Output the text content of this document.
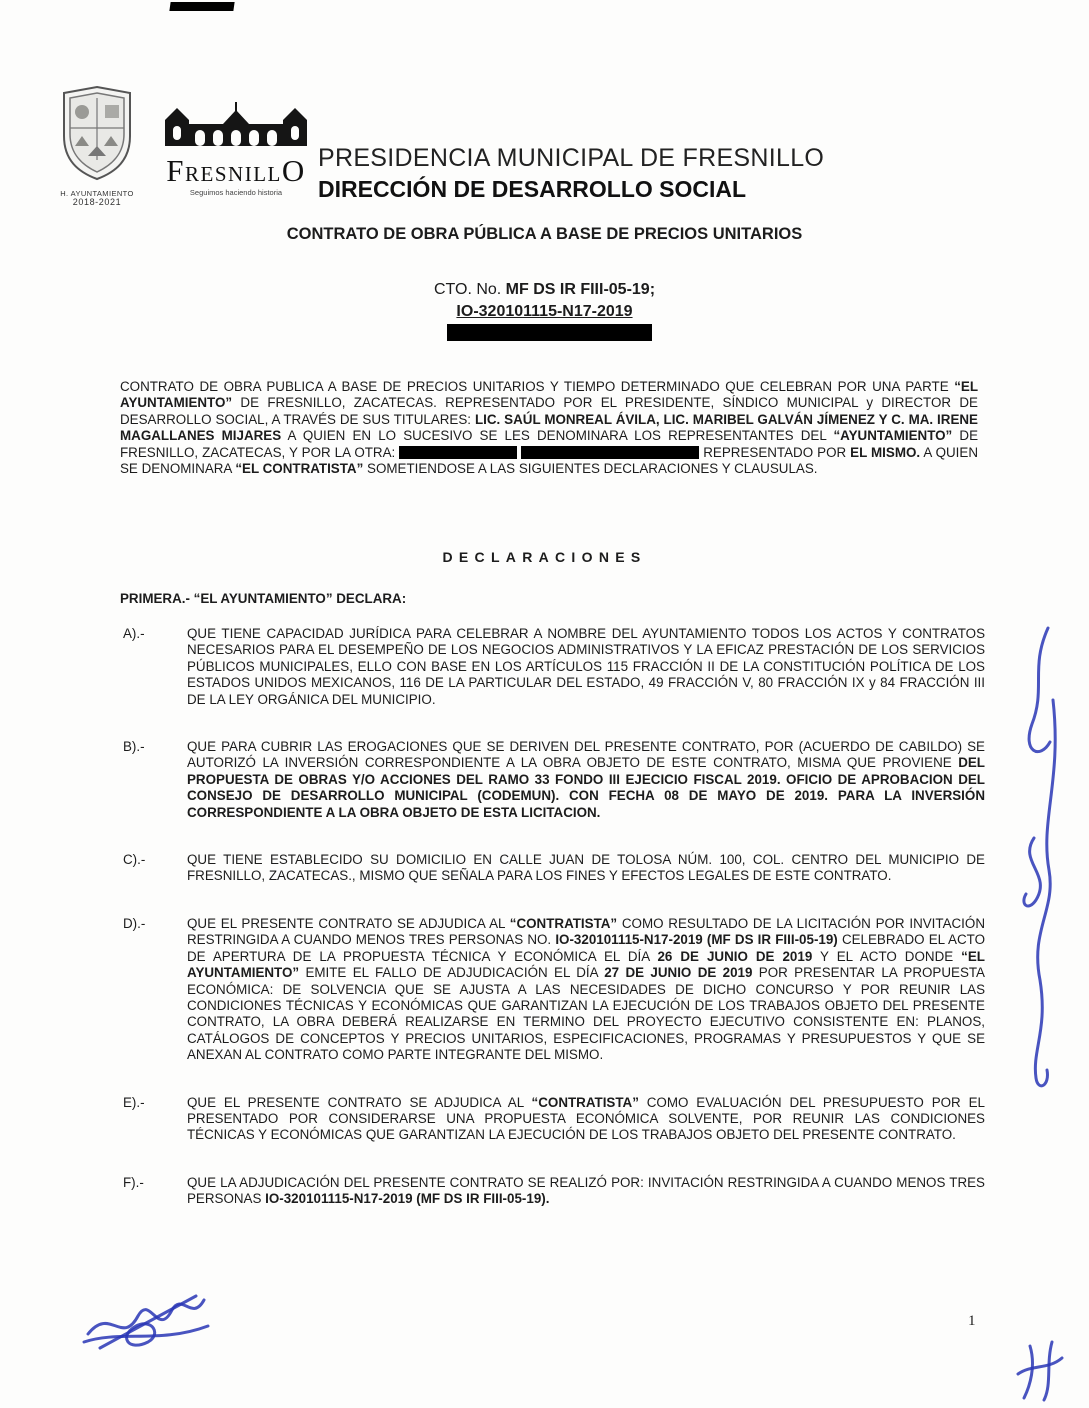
H. AYUNTAMIENTO
2018-2021
FRESNILLO
Seguimos haciendo historia
PRESIDENCIA MUNICIPAL DE FRESNILLO
DIRECCIÓN DE DESARROLLO SOCIAL
CONTRATO DE OBRA PÚBLICA A BASE DE PRECIOS UNITARIOS
CTO. No. MF DS IR FIII-05-19;
IO-320101115-N17-2019

CONTRATO DE OBRA PUBLICA A BASE DE PRECIOS UNITARIOS Y TIEMPO DETERMINADO QUE CELEBRAN POR UNA PARTE “EL AYUNTAMIENTO” DE FRESNILLO, ZACATECAS. REPRESENTADO POR EL PRESIDENTE, SÍNDICO MUNICIPAL y DIRECTOR DE DESARROLLO SOCIAL, A TRAVÉS DE SUS TITULARES: LIC. SAÚL MONREAL ÁVILA, LIC. MARIBEL GALVÁN JÍMENEZ Y C. MA. IRENE MAGALLANES MIJARES A QUIEN EN LO SUCESIVO SE LES DENOMINARA LOS REPRESENTANTES DEL “AYUNTAMIENTO” DE FRESNILLO, ZACATECAS, Y POR LA OTRA:	REPRESENTADO POR EL MISMO. A QUIEN SE DENOMINARA “EL CONTRATISTA” SOMETIENDOSE A LAS SIGUIENTES DECLARACIONES Y CLAUSULAS.

DECLARACIONES
PRIMERA.- “EL AYUNTAMIENTO” DECLARA:
A).-	QUE TIENE CAPACIDAD JURÍDICA PARA CELEBRAR A NOMBRE DEL AYUNTAMIENTO TODOS LOS ACTOS Y CONTRATOS NECESARIOS PARA EL DESEMPEÑO DE LOS NEGOCIOS ADMINISTRATIVOS Y LA EFICAZ PRESTACIÓN DE LOS SERVICIOS PÚBLICOS MUNICIPALES, ELLO CON BASE EN LOS ARTÍCULOS 115 FRACCIÓN II DE LA CONSTITUCIÓN POLÍTICA DE LOS ESTADOS UNIDOS MEXICANOS, 116 DE LA PARTICULAR DEL ESTADO, 49 FRACCIÓN V, 80 FRACCIÓN IX y 84 FRACCIÓN III DE LA LEY ORGÁNICA DEL MUNICIPIO.

B).-	QUE PARA CUBRIR LAS EROGACIONES QUE SE DERIVEN DEL PRESENTE CONTRATO, POR (ACUERDO DE CABILDO) SE AUTORIZÓ LA INVERSIÓN CORRESPONDIENTE A LA OBRA OBJETO DE ESTE CONTRATO, MISMA QUE PROVIENE DEL PROPUESTA DE OBRAS Y/O ACCIONES DEL RAMO 33 FONDO III EJECICIO FISCAL 2019. OFICIO DE APROBACION DEL CONSEJO DE DESARROLLO MUNICIPAL (CODEMUN). CON FECHA 08 DE MAYO DE 2019. PARA LA INVERSIÓN CORRESPONDIENTE A LA OBRA OBJETO DE ESTA LICITACION.

C).-	QUE TIENE ESTABLECIDO SU DOMICILIO EN CALLE JUAN DE TOLOSA NÚM. 100, COL. CENTRO DEL MUNICIPIO DE FRESNILLO, ZACATECAS., MISMO QUE SEÑALA PARA LOS FINES Y EFECTOS LEGALES DE ESTE CONTRATO.

D).-	QUE EL PRESENTE CONTRATO SE ADJUDICA AL “CONTRATISTA” COMO RESULTADO DE LA LICITACIÓN POR INVITACIÓN RESTRINGIDA A CUANDO MENOS TRES PERSONAS NO. IO-320101115-N17-2019 (MF DS IR FIII-05-19) CELEBRADO EL ACTO DE APERTURA DE LA PROPUESTA TÉCNICA Y ECONÓMICA EL DÍA 26 DE JUNIO DE 2019 Y EL ACTO DONDE “EL AYUNTAMIENTO” EMITE EL FALLO DE ADJUDICACIÓN EL DÍA 27 DE JUNIO DE 2019 POR PRESENTAR LA PROPUESTA ECONÓMICA: DE SOLVENCIA QUE SE AJUSTA A LAS NECESIDADES DE DICHO CONCURSO Y POR REUNIR LAS CONDICIONES TÉCNICAS Y ECONÓMICAS QUE GARANTIZAN LA EJECUCIÓN DE LOS TRABAJOS OBJETO DEL PRESENTE CONTRATO, LA OBRA DEBERÁ REALIZARSE EN TERMINO DEL PROYECTO EJECUTIVO CONSISTENTE EN: PLANOS, CATÁLOGOS DE CONCEPTOS Y PRECIOS UNITARIOS, ESPECIFICACIONES, PROGRAMAS Y PRESUPUESTOS Y QUE SE ANEXAN AL CONTRATO COMO PARTE INTEGRANTE DEL MISMO.

E).-	QUE EL PRESENTE CONTRATO SE ADJUDICA AL “CONTRATISTA” COMO EVALUACIÓN DEL PRESUPUESTO POR EL PRESENTADO POR CONSIDERARSE UNA PROPUESTA ECONÓMICA SOLVENTE, POR REUNIR LAS CONDICIONES TÉCNICAS Y ECONÓMICAS QUE GARANTIZAN LA EJECUCIÓN DE LOS TRABAJOS OBJETO DEL PRESENTE CONTRATO.

F).-	QUE LA ADJUDICACIÓN DEL PRESENTE CONTRATO SE REALIZÓ POR: INVITACIÓN RESTRINGIDA A CUANDO MENOS TRES PERSONAS IO-320101115-N17-2019 (MF DS IR FIII-05-19).

1
